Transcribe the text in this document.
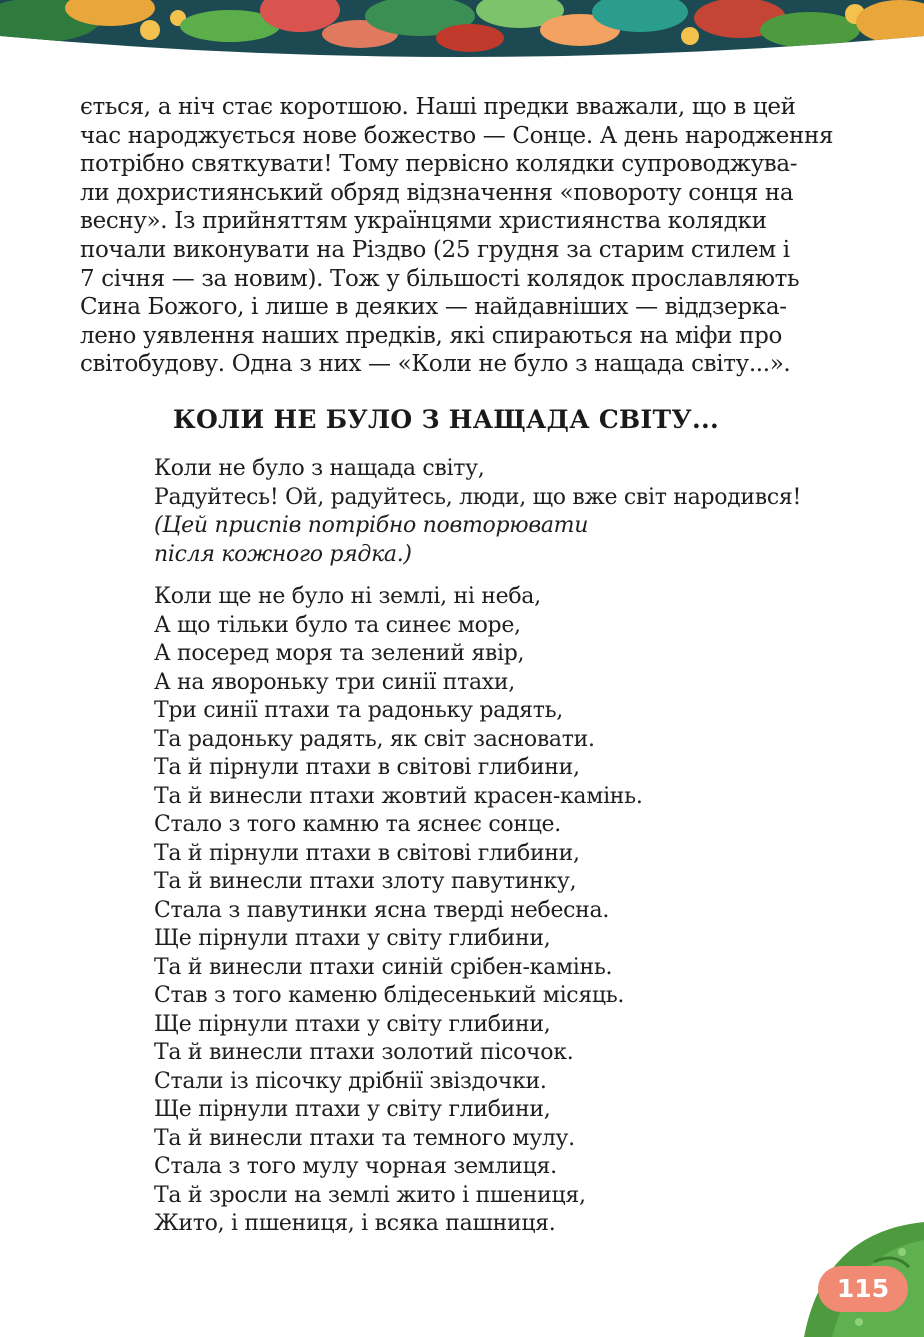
ється, а ніч стає коротшою. Наші предки вважали, що в цей

час народжується нове божество — Сонце. А день народження

потрібно святкувати! Тому первісно колядки супроводжува-

ли дохристиянський обряд відзначення «повороту сонця на

весну». Із прийняттям українцями християнства колядки

почали виконувати на Різдво (25 грудня за старим стилем і

7 січня — за новим). Тож у більшості колядок прославляють

Сина Божого, і лише в деяких — найдавніших — віддзерка-

лено уявлення наших предків, які спираються на міфи про

світобудову. Одна з них — «Коли не було з нащада світу...».

КОЛИ НЕ БУЛО З НАЩАДА СВІТУ...

Коли не було з нащада світу,

Радуйтесь! Ой, радуйтесь, люди, що вже світ народився!

(Цей приспів потрібно повторювати

після кожного рядка.)

Коли ще не було ні землі, ні неба,

А що тільки було та синеє море,

А посеред моря та зелений явір,

А на явороньку три синії птахи,

Три синії птахи та радоньку радять,

Та радоньку радять, як світ засновати.

Та й пірнули птахи в світові глибини,

Та й винесли птахи жовтий красен-камінь.

Стало з того камню та яснеє сонце.

Та й пірнули птахи в світові глибини,

Та й винесли птахи злоту павутинку,

Стала з павутинки ясна тверді небесна.

Ще пірнули птахи у світу глибини,

Та й винесли птахи синій срібен-камінь.

Став з того каменю блідесенький місяць.

Ще пірнули птахи у світу глибини,

Та й винесли птахи золотий пісочок.

Стали із пісочку дрібнії звіздочки.

Ще пірнули птахи у світу глибини,

Та й винесли птахи та темного мулу.

Стала з того мулу чорная землиця.

Та й зросли на землі жито і пшениця,

Жито, і пшениця, і всяка пашниця.

115
